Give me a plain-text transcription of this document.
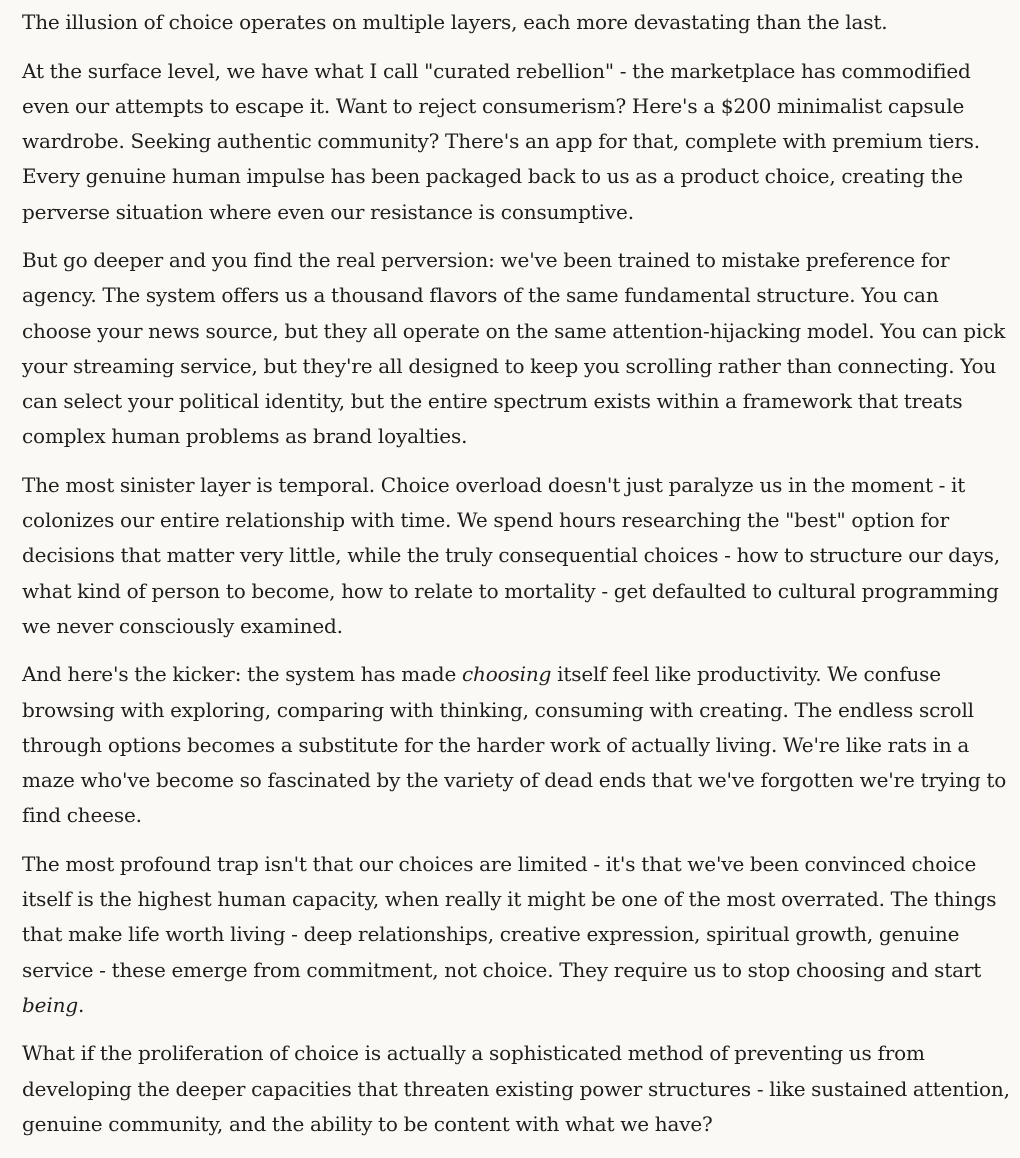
The illusion of choice operates on multiple layers, each more devastating than the last.

At the surface level, we have what I call "curated rebellion" - the marketplace has commodified even our attempts to escape it. Want to reject consumerism? Here's a $200 minimalist capsule wardrobe. Seeking authentic community? There's an app for that, complete with premium tiers. Every genuine human impulse has been packaged back to us as a product choice, creating the perverse situation where even our resistance is consumptive.

But go deeper and you find the real perversion: we've been trained to mistake preference for agency. The system offers us a thousand flavors of the same fundamental structure. You can choose your news source, but they all operate on the same attention-hijacking model. You can pick your streaming service, but they're all designed to keep you scrolling rather than connecting. You can select your political identity, but the entire spectrum exists within a framework that treats complex human problems as brand loyalties.

The most sinister layer is temporal. Choice overload doesn't just paralyze us in the moment - it colonizes our entire relationship with time. We spend hours researching the "best" option for decisions that matter very little, while the truly consequential choices - how to structure our days, what kind of person to become, how to relate to mortality - get defaulted to cultural programming we never consciously examined.

And here's the kicker: the system has made choosing itself feel like productivity. We confuse browsing with exploring, comparing with thinking, consuming with creating. The endless scroll through options becomes a substitute for the harder work of actually living. We're like rats in a maze who've become so fascinated by the variety of dead ends that we've forgotten we're trying to find cheese.

The most profound trap isn't that our choices are limited - it's that we've been convinced choice itself is the highest human capacity, when really it might be one of the most overrated. The things that make life worth living - deep relationships, creative expression, spiritual growth, genuine service - these emerge from commitment, not choice. They require us to stop choosing and start being.

What if the proliferation of choice is actually a sophisticated method of preventing us from developing the deeper capacities that threaten existing power structures - like sustained attention, genuine community, and the ability to be content with what we have?
